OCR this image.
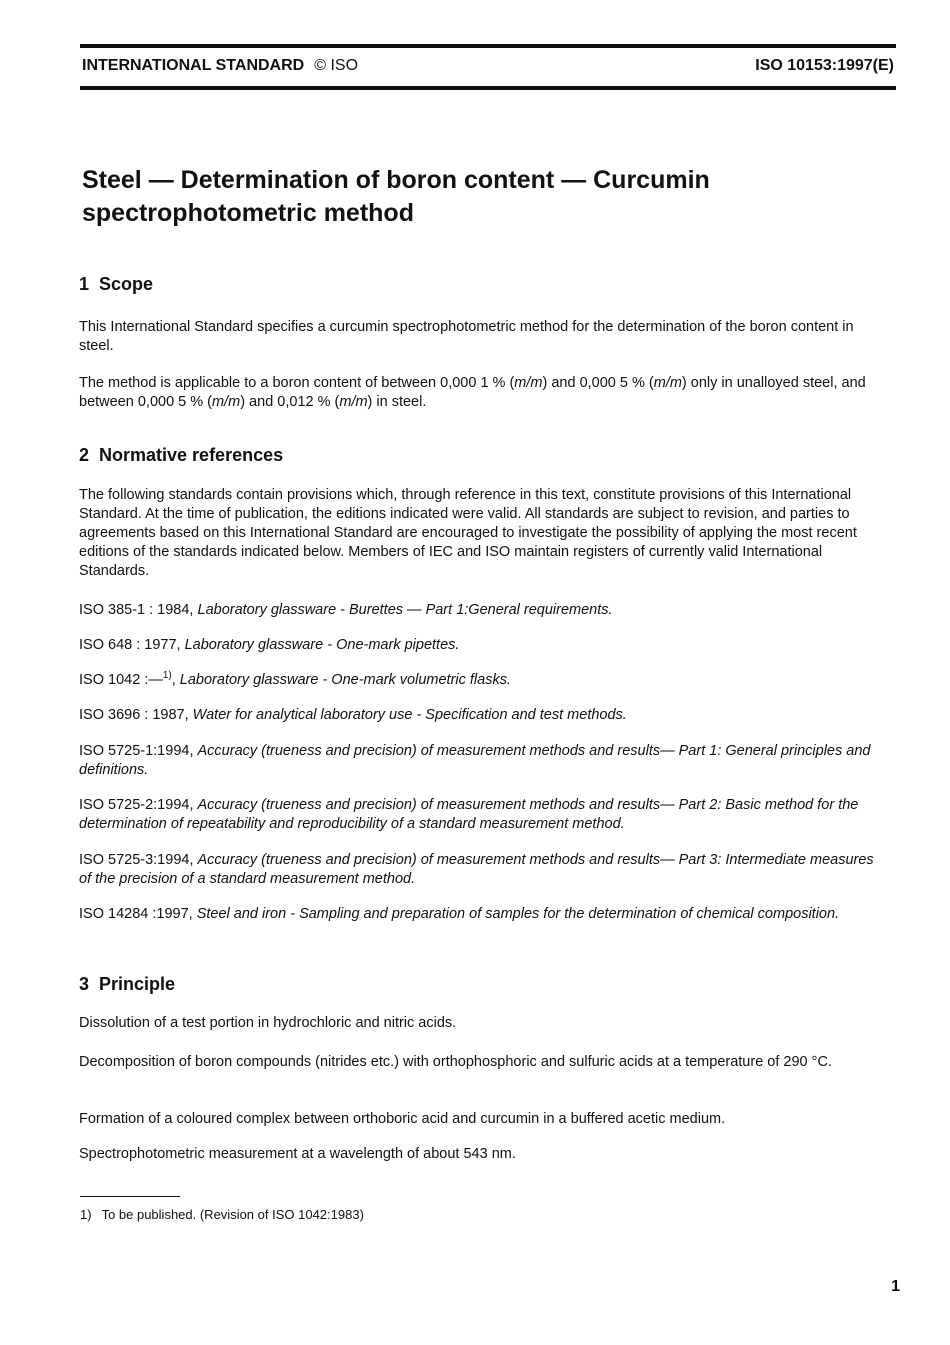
INTERNATIONAL STANDARD © ISO	ISO 10153:1997(E)
Steel — Determination of boron content — Curcumin
spectrophotometric method
1 Scope

This International Standard specifies a curcumin spectrophotometric method for the determination of the boron content in steel.

The method is applicable to a boron content of between 0,000 1 % (m/m) and 0,000 5 % (m/m) only in unalloyed steel, and between 0,000 5 % (m/m) and 0,012 % (m/m) in steel.

2 Normative references

The following standards contain provisions which, through reference in this text, constitute provisions of this International Standard. At the time of publication, the editions indicated were valid. All standards are subject to revision, and parties to agreements based on this International Standard are encouraged to investigate the possibility of applying the most recent editions of the standards indicated below. Members of IEC and ISO maintain registers of currently valid International Standards.

ISO 385-1 : 1984, Laboratory glassware - Burettes — Part 1:General requirements.

ISO 648 : 1977, Laboratory glassware - One-mark pipettes.

ISO 1042 :—$^{1)}$, Laboratory glassware - One-mark volumetric flasks.

ISO 3696 : 1987, Water for analytical laboratory use - Specification and test methods.

ISO 5725-1:1994, Accuracy (trueness and precision) of measurement methods and results— Part 1: General principles and definitions.

ISO 5725-2:1994, Accuracy (trueness and precision) of measurement methods and results— Part 2: Basic method for the determination of repeatability and reproducibility of a standard measurement method.

ISO 5725-3:1994, Accuracy (trueness and precision) of measurement methods and results— Part 3: Intermediate measures of the precision of a standard measurement method.

ISO 14284 :1997, Steel and iron - Sampling and preparation of samples for the determination of chemical composition.

3 Principle

Dissolution of a test portion in hydrochloric and nitric acids.

Decomposition of boron compounds (nitrides etc.) with orthophosphoric and sulfuric acids at a temperature of 290 °C.

Formation of a coloured complex between orthoboric acid and curcumin in a buffered acetic medium.

Spectrophotometric measurement at a wavelength of about 543 nm.

1) To be published. (Revision of ISO 1042:1983)
1
